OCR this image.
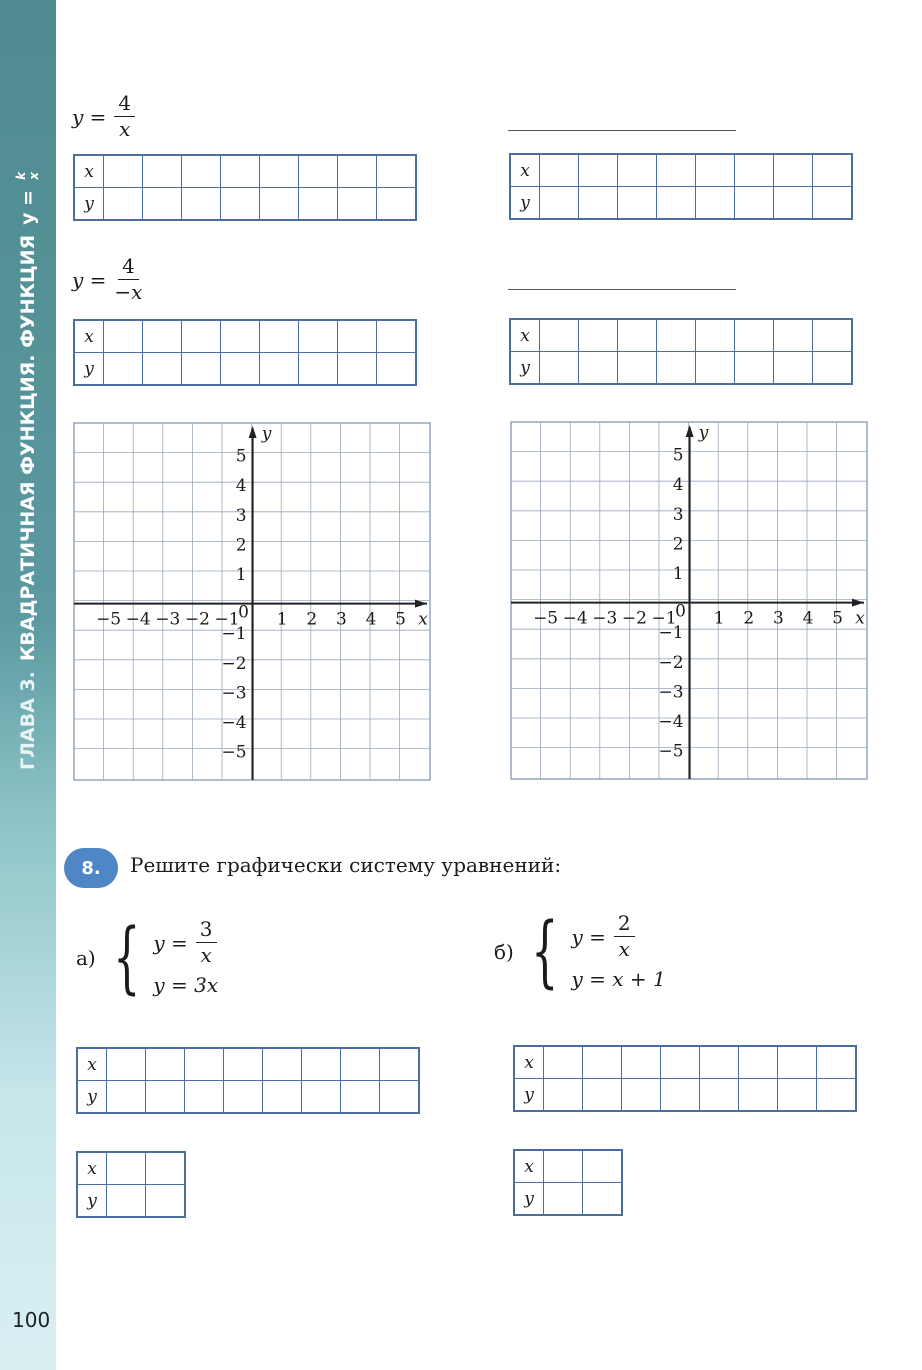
ГЛАВА 3.
КВАДРАТИЧНАЯ ФУНКЦИЯ. ФУНКЦИЯ
y =
k x
100
$y = \frac{4}{x}$
x								
y								
x								
y								
$y = \frac{4}{-x}$
x								
y								
x								
y								
−5 −4 −3 −2 −1 1 2 3 4 5
5
4
3
2
1
−1
−2
−3
−4
−5
0	x
y
−5 −4 −3 −2 −1 1 2 3 4 5
5
4
3
2
1
−1
−2
−3
−4
−5
0	x
y
8.	Решите графически систему уравнений:
а) { $y = \frac{3}{x}$
y = 3x
б) { $y = \frac{2}{x}$
y = x + 1
x								
y								
x								
y								
x		
y		
x		
y		
